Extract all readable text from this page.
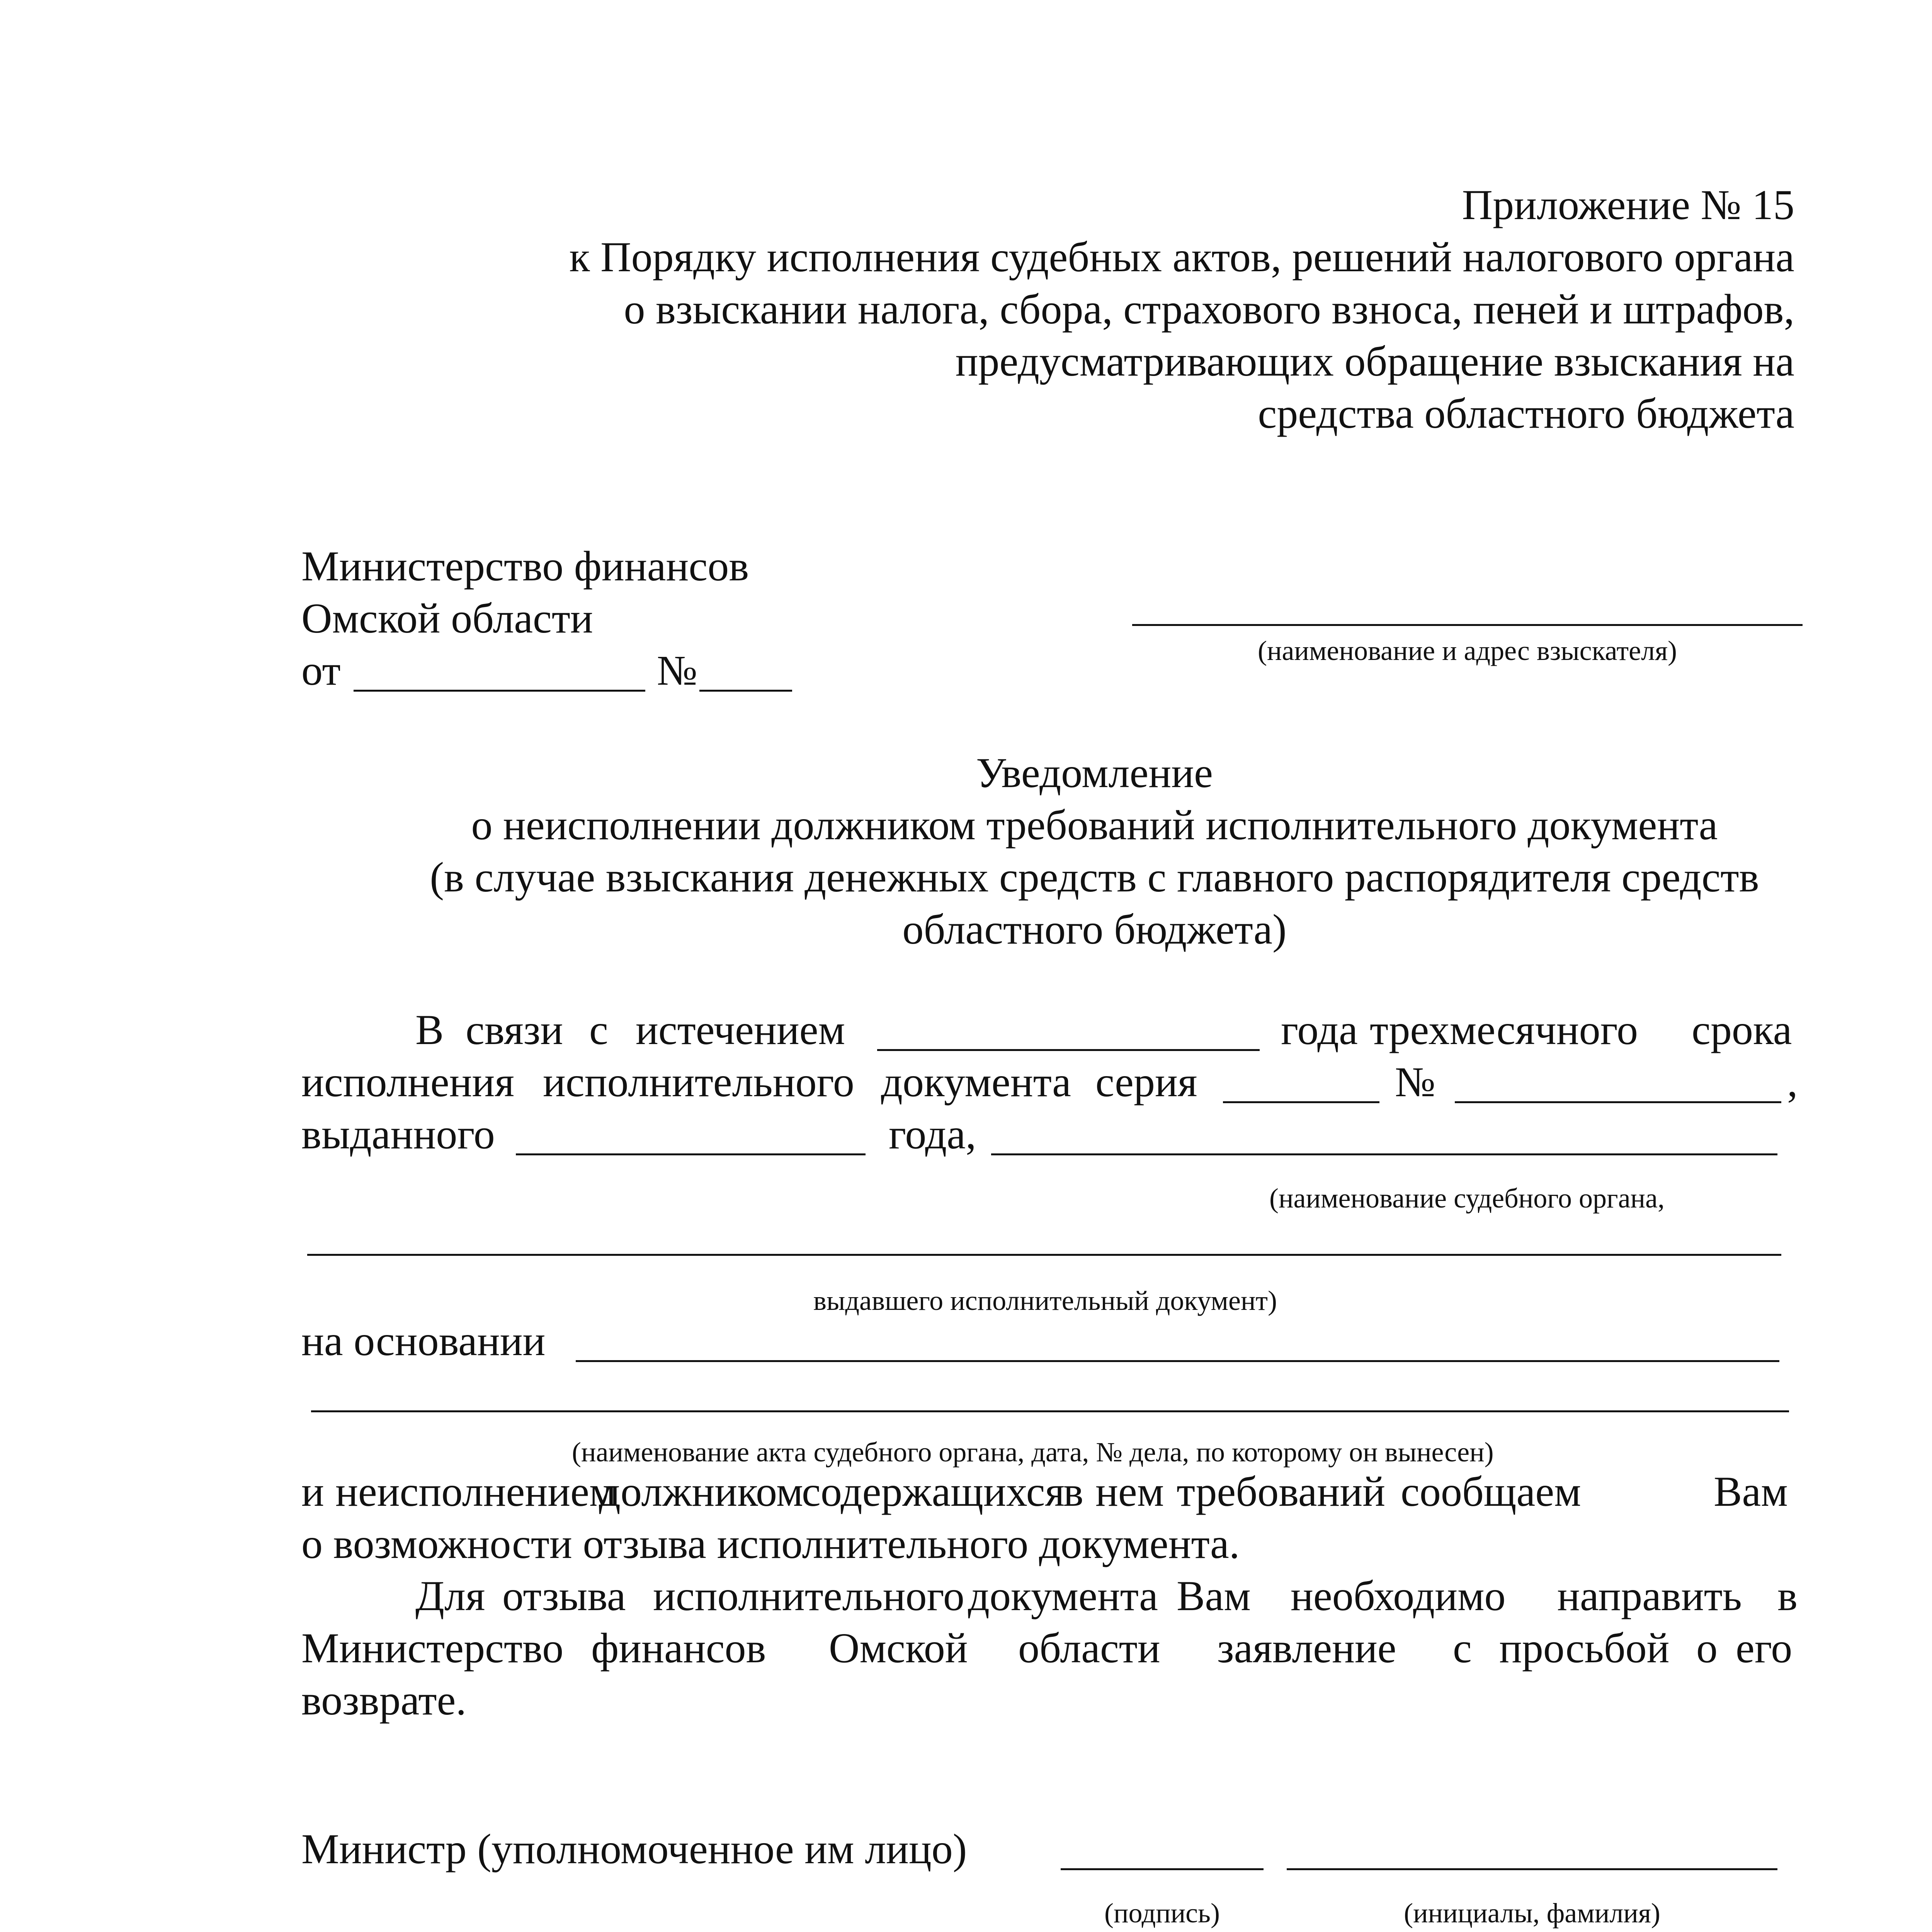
Приложение № 15
к Порядку исполнения судебных актов, решений налогового органа
о взыскании налога, сбора, страхового взноса, пеней и штрафов,
предусматривающих обращение взыскания на
средства областного бюджета
Министерство финансов
Омской области
от	№	(наименование и адрес взыскателя)
Уведомление
о неисполнении должником требований исполнительного документа
(в случае взыскания денежных средств с главного распорядителя средств
областного бюджета)
В связи с истечением	года трехмесячного срока
исполнения исполнительного документа серия	№	,
выданного	года,
(наименование судебного органа,
выдавшего исполнительный документ)
на основании
(наименование акта судебного органа, дата, № дела, по которому он вынесен)
и неисполнением
должником
содержащихся
в нем требований сообщаем	Вам
о возможности отзыва исполнительного документа.
Для отзыва исполнительного документа Вам необходимо направить в
Министерство финансов Омской области заявление с просьбой о его
возврате.
Министр (уполномоченное им лицо)
(подпись)	(инициалы, фамилия)
